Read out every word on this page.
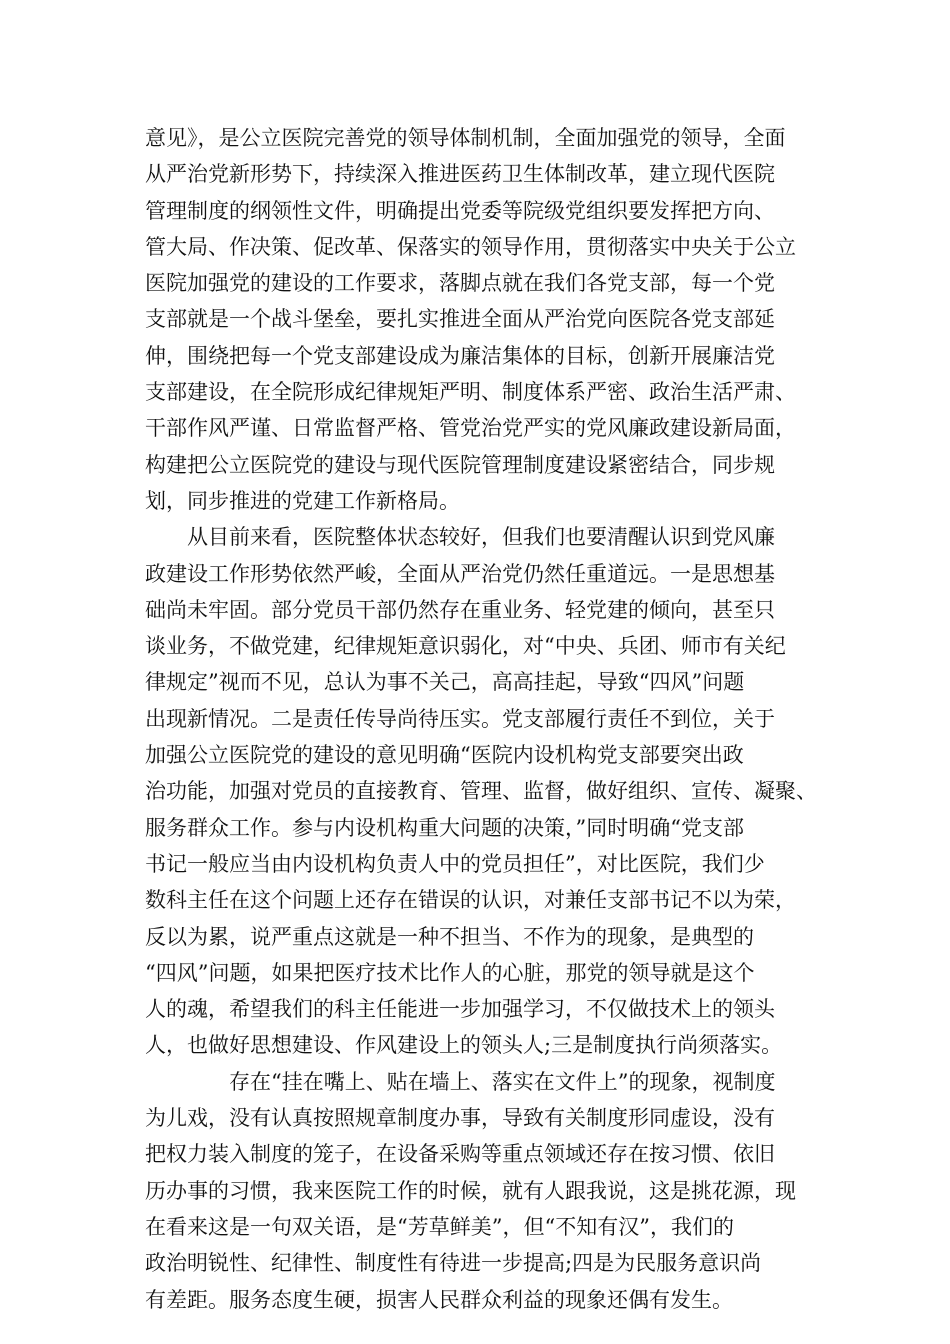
意见》，是公立医院完善党的领导体制机制，全面加强党的领导，全面
从严治党新形势下，持续深入推进医药卫生体制改革，建立现代医院
管理制度的纲领性文件，明确提出党委等院级党组织要发挥把方向、
管大局、作决策、促改革、保落实的领导作用，贯彻落实中央关于公立
医院加强党的建设的工作要求，落脚点就在我们各党支部，每一个党
支部就是一个战斗堡垒，要扎实推进全面从严治党向医院各党支部延
伸，围绕把每一个党支部建设成为廉洁集体的目标，创新开展廉洁党
支部建设，在全院形成纪律规矩严明、制度体系严密、政治生活严肃、
干部作风严谨、日常监督严格、管党治党严实的党风廉政建设新局面，
构建把公立医院党的建设与现代医院管理制度建设紧密结合，同步规
划，同步推进的党建工作新格局。
从目前来看，医院整体状态较好，但我们也要清醒认识到党风廉
政建设工作形势依然严峻，全面从严治党仍然任重道远。一是思想基
础尚未牢固。部分党员干部仍然存在重业务、轻党建的倾向，甚至只
谈业务，不做党建，纪律规矩意识弱化，对“中央、兵团、师市有关纪
律规定”视而不见，总认为事不关己，高高挂起，导致“四风”问题
出现新情况。二是责任传导尚待压实。党支部履行责任不到位，关于
加强公立医院党的建设的意见明确“医院内设机构党支部要突出政
治功能，加强对党员的直接教育、管理、监督，做好组织、宣传、凝聚、
服务群众工作。参与内设机构重大问题的决策，”同时明确“党支部
书记一般应当由内设机构负责人中的党员担任”，对比医院，我们少
数科主任在这个问题上还存在错误的认识，对兼任支部书记不以为荣，
反以为累，说严重点这就是一种不担当、不作为的现象，是典型的
“四风”问题，如果把医疗技术比作人的心脏，那党的领导就是这个
人的魂，希望我们的科主任能进一步加强学习，不仅做技术上的领头
人，也做好思想建设、作风建设上的领头人;三是制度执行尚须落实。
存在“挂在嘴上、贴在墙上、落实在文件上”的现象，视制度
为儿戏，没有认真按照规章制度办事，导致有关制度形同虚设，没有
把权力装入制度的笼子，在设备采购等重点领域还存在按习惯、依旧
历办事的习惯，我来医院工作的时候，就有人跟我说，这是挑花源，现
在看来这是一句双关语，是“芳草鲜美”，但“不知有汉”，我们的
政治明锐性、纪律性、制度性有待进一步提高;四是为民服务意识尚
有差距。服务态度生硬，损害人民群众利益的现象还偶有发生。
